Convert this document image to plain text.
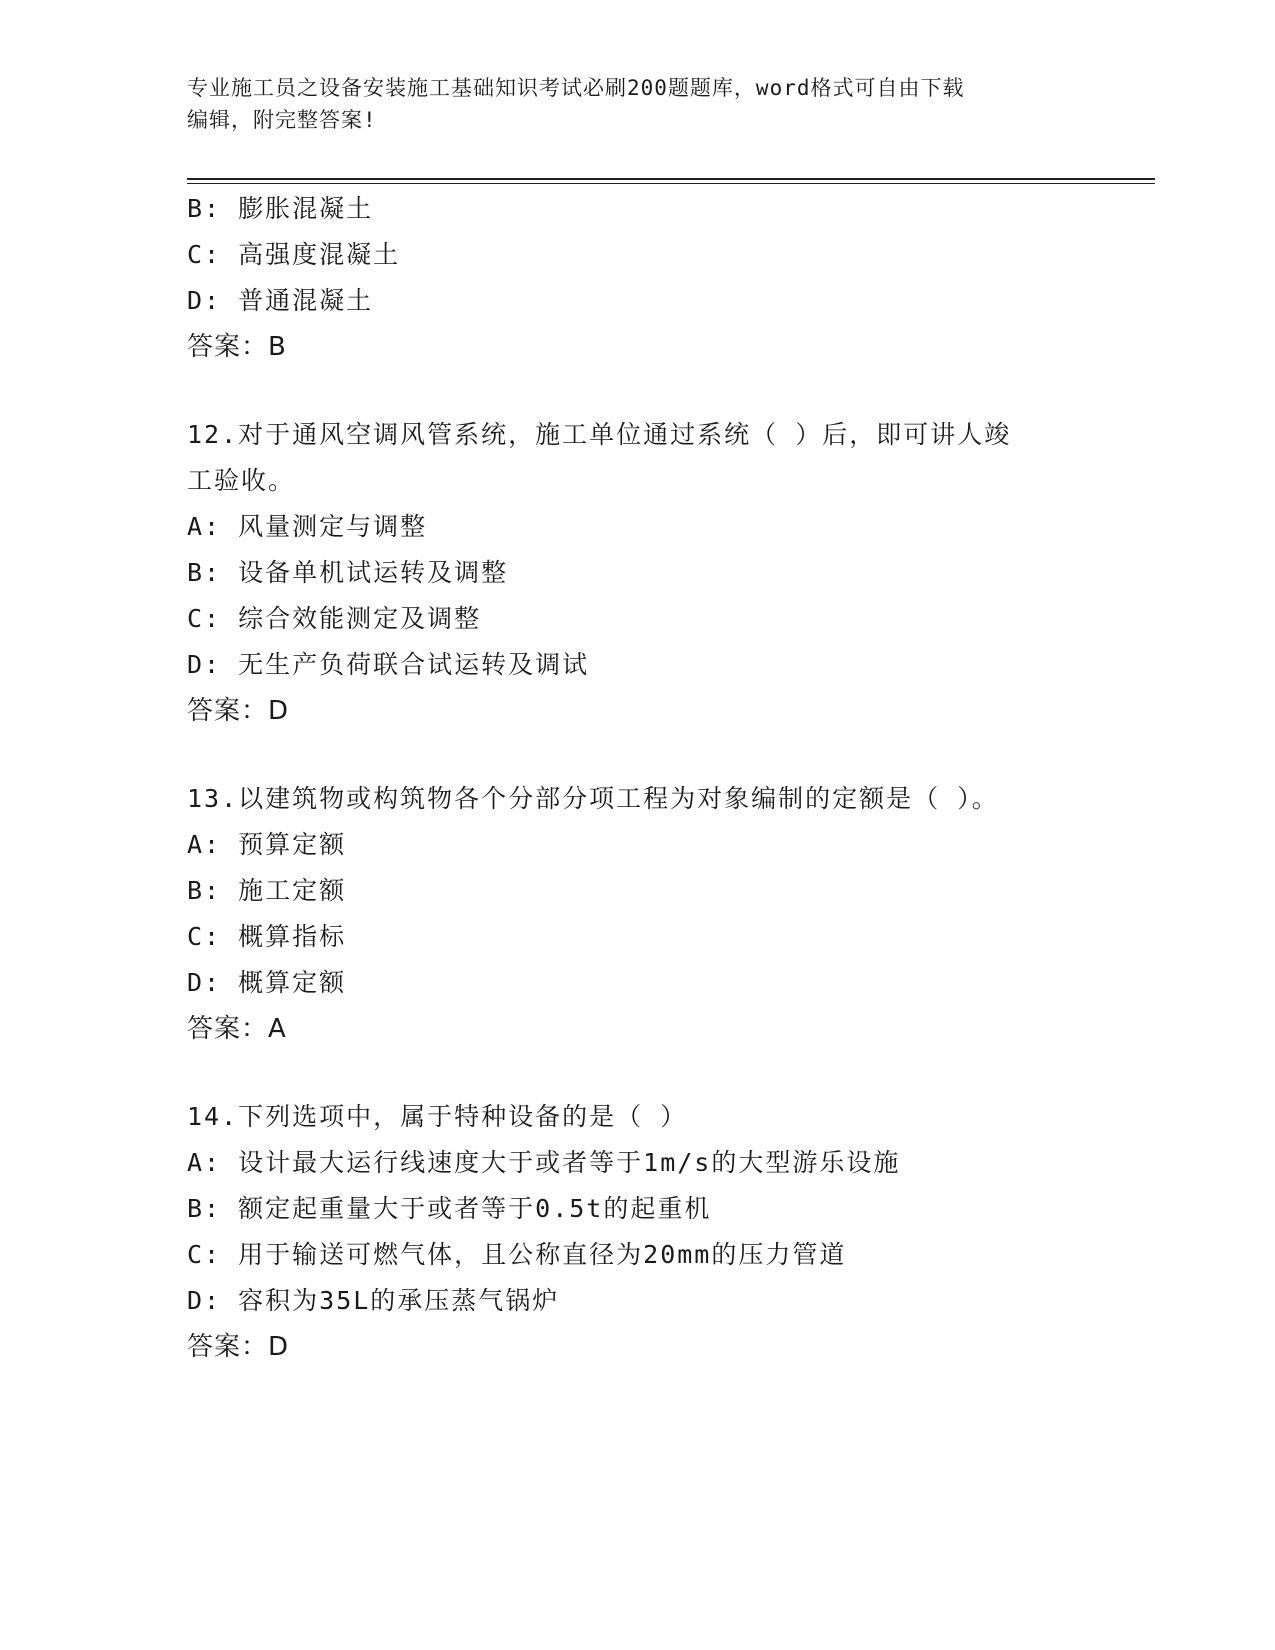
专业施工员之设备安装施工基础知识考试必刷200题题库，word格式可自由下载
编辑，附完整答案!
B: 膨胀混凝土
C: 高强度混凝土
D: 普通混凝土
答案：B
12.对于通风空调风管系统，施工单位通过系统（ ）后，即可讲人竣
工验收。
A: 风量测定与调整
B: 设备单机试运转及调整
C: 综合效能测定及调整
D: 无生产负荷联合试运转及调试
答案：D
13.以建筑物或构筑物各个分部分项工程为对象编制的定额是（ ）。
A: 预算定额
B: 施工定额
C: 概算指标
D: 概算定额
答案：A
14.下列选项中，属于特种设备的是（ ）
A: 设计最大运行线速度大于或者等于1m/s的大型游乐设施
B: 额定起重量大于或者等于0.5t的起重机
C: 用于输送可燃气体，且公称直径为20mm的压力管道
D: 容积为35L的承压蒸气锅炉
答案：D
